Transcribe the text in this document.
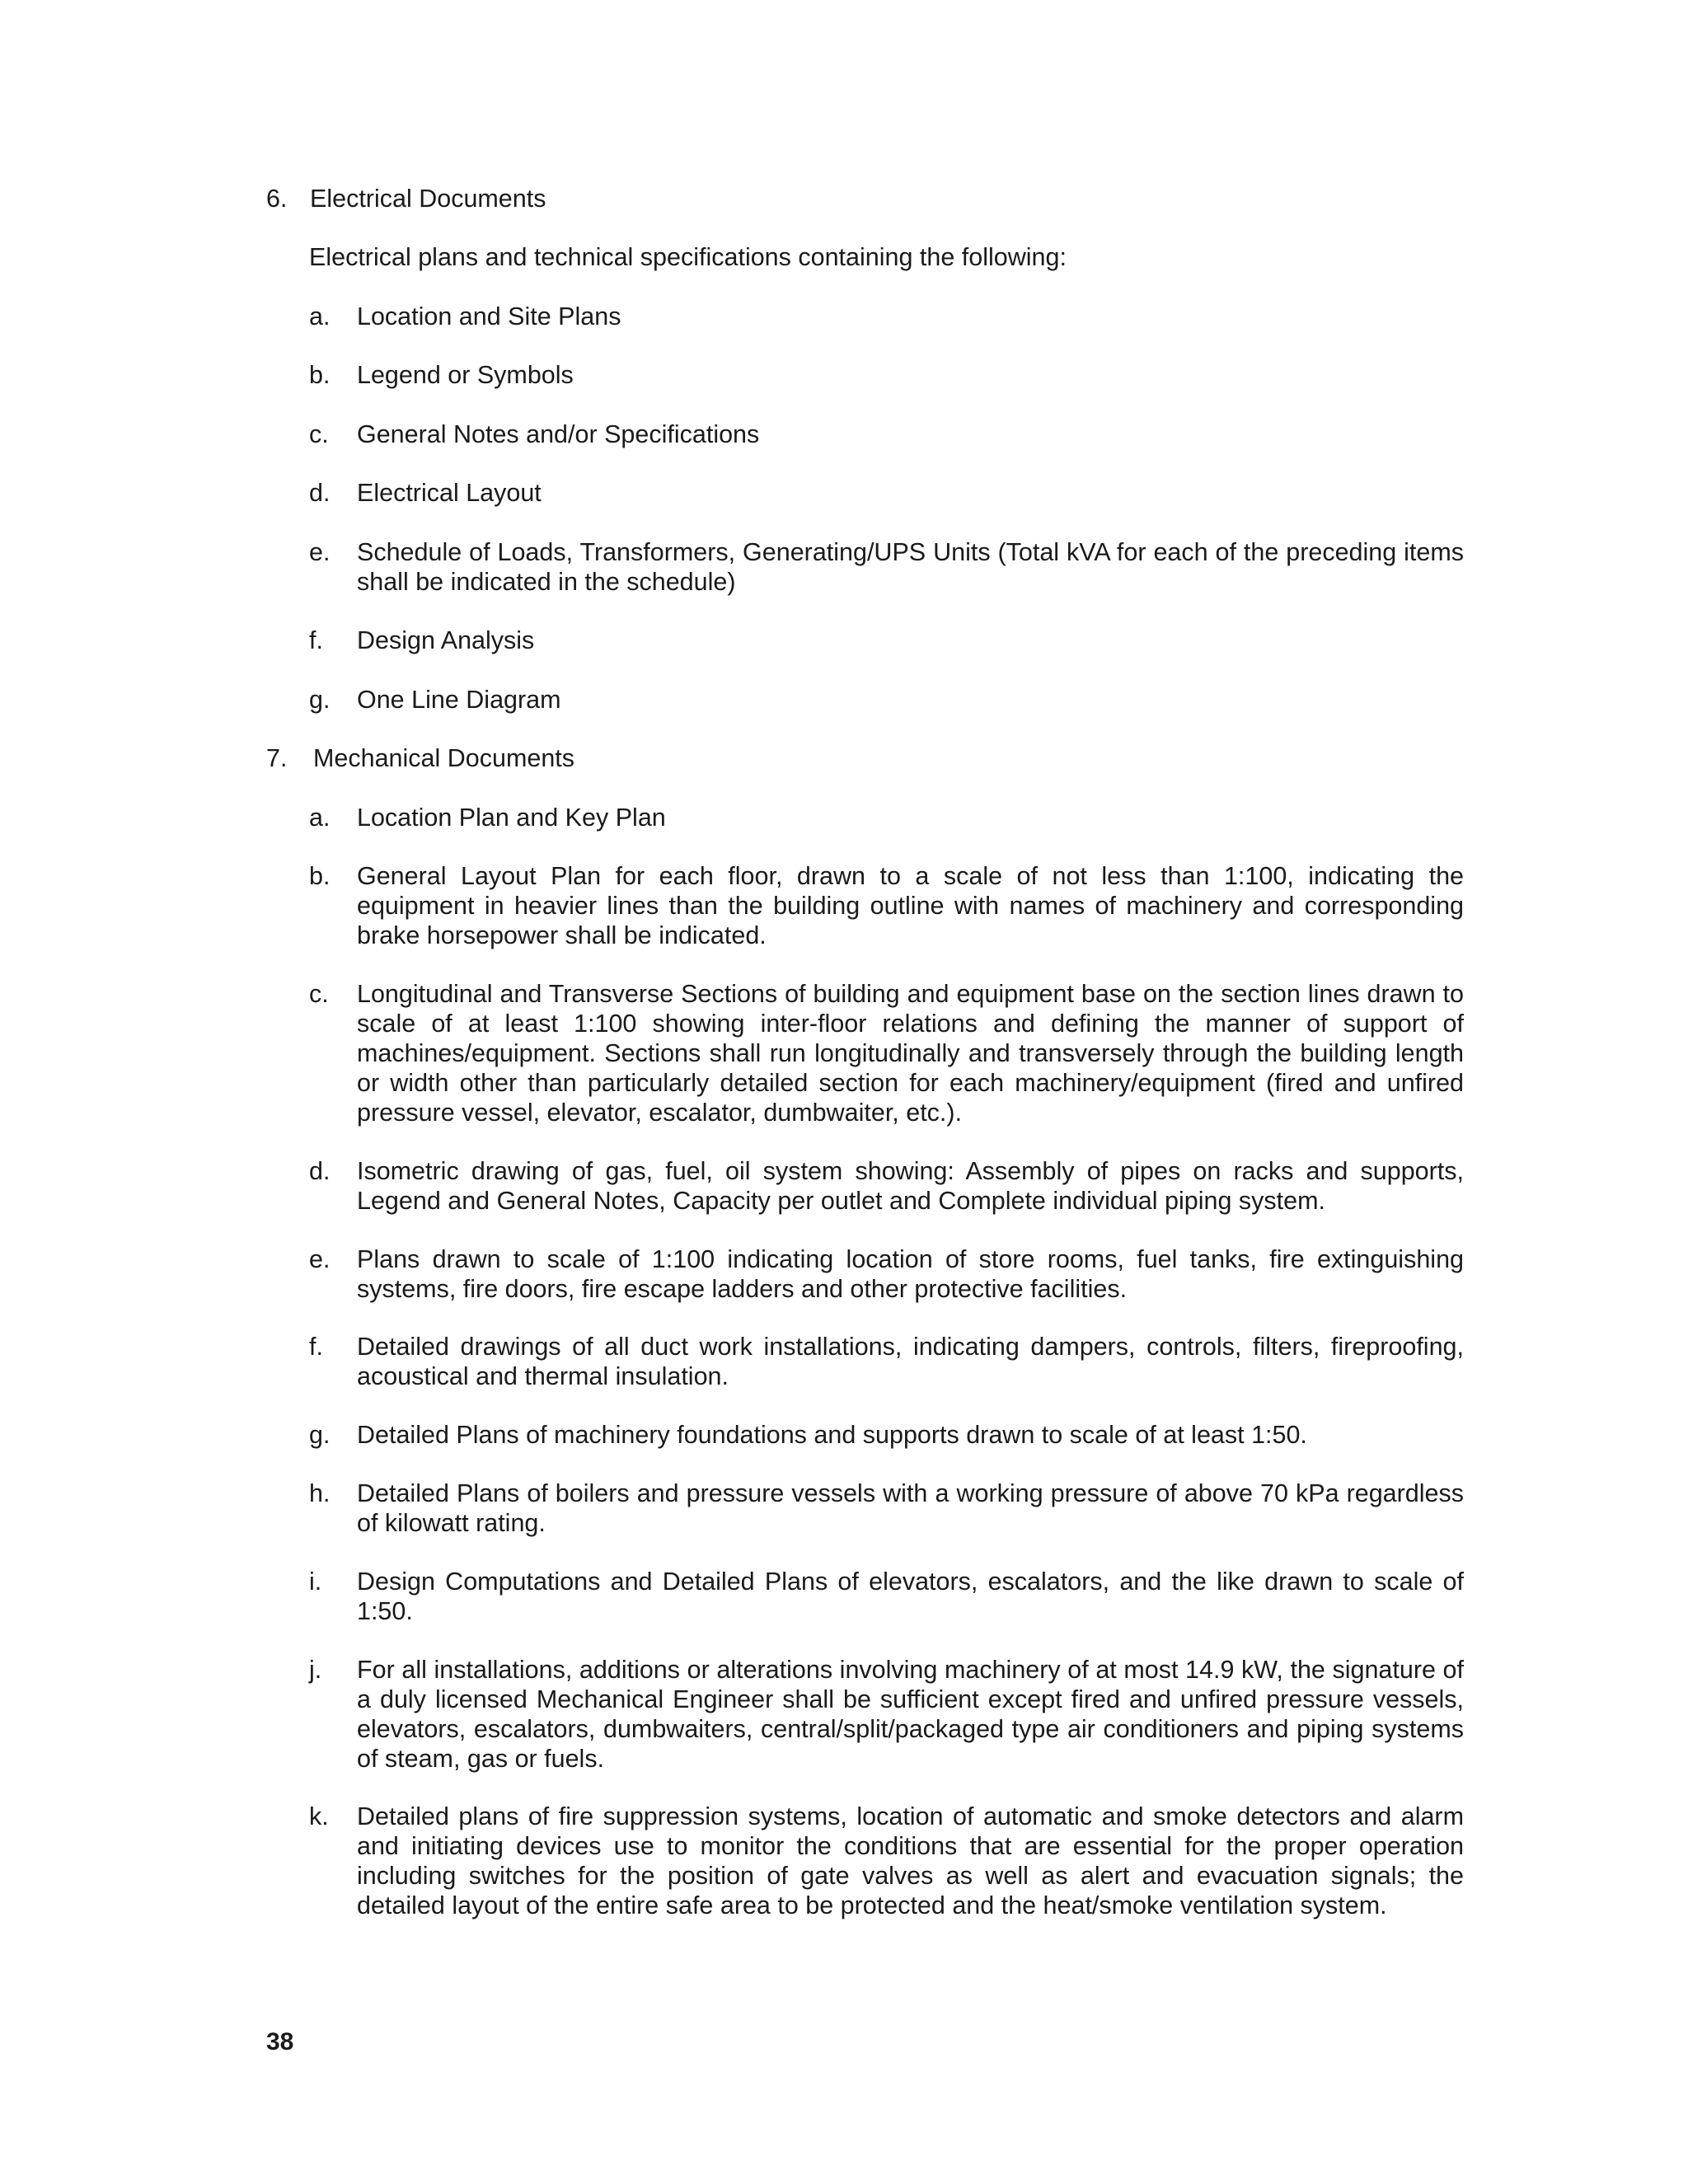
6. Electrical Documents
Electrical plans and technical specifications containing the following:
a. Location and Site Plans
b. Legend or Symbols
c. General Notes and/or Specifications
d. Electrical Layout
e. Schedule of Loads, Transformers, Generating/UPS Units (Total kVA for each of the preceding items shall be indicated in the schedule)
f. Design Analysis
g. One Line Diagram
7. Mechanical Documents
a. Location Plan and Key Plan
b. General Layout Plan for each floor, drawn to a scale of not less than 1:100, indicating the equipment in heavier lines than the building outline with names of machinery and corresponding brake horsepower shall be indicated.
c. Longitudinal and Transverse Sections of building and equipment base on the section lines drawn to scale of at least 1:100 showing inter-floor relations and defining the manner of support of machines/equipment. Sections shall run longitudinally and transversely through the building length or width other than particularly detailed section for each machinery/equipment (fired and unfired pressure vessel, elevator, escalator, dumbwaiter, etc.).
d. Isometric drawing of gas, fuel, oil system showing: Assembly of pipes on racks and supports, Legend and General Notes, Capacity per outlet and Complete individual piping system.
e. Plans drawn to scale of 1:100 indicating location of store rooms, fuel tanks, fire extinguishing systems, fire doors, fire escape ladders and other protective facilities.
f. Detailed drawings of all duct work installations, indicating dampers, controls, filters, fireproofing, acoustical and thermal insulation.
g. Detailed Plans of machinery foundations and supports drawn to scale of at least 1:50.
h. Detailed Plans of boilers and pressure vessels with a working pressure of above 70 kPa regardless of kilowatt rating.
i. Design Computations and Detailed Plans of elevators, escalators, and the like drawn to scale of 1:50.
j. For all installations, additions or alterations involving machinery of at most 14.9 kW, the signature of a duly licensed Mechanical Engineer shall be sufficient except fired and unfired pressure vessels, elevators, escalators, dumbwaiters, central/split/packaged type air conditioners and piping systems of steam, gas or fuels.
k. Detailed plans of fire suppression systems, location of automatic and smoke detectors and alarm and initiating devices use to monitor the conditions that are essential for the proper operation including switches for the position of gate valves as well as alert and evacuation signals; the detailed layout of the entire safe area to be protected and the heat/smoke ventilation system.
38
